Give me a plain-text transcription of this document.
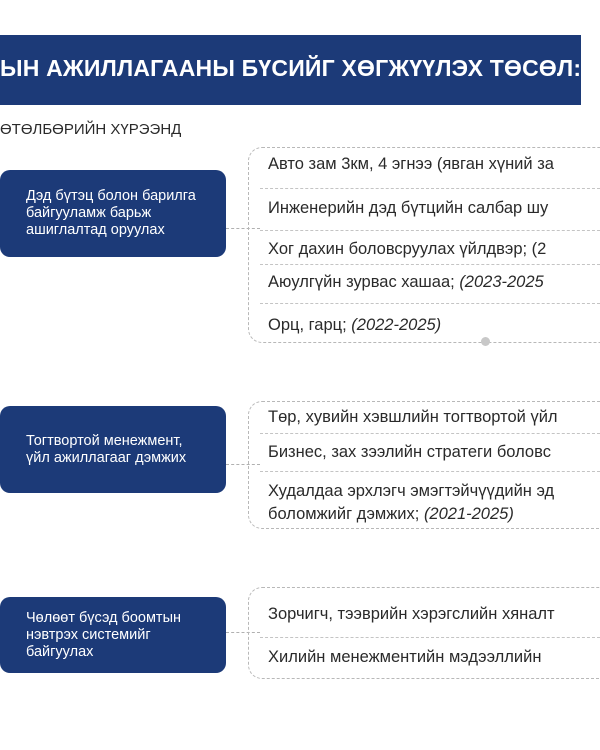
ЫН АЖИЛЛАГААНЫ БҮСИЙГ ХӨГЖҮҮЛЭХ ТӨСӨЛ:
ӨТӨЛБӨРИЙН ХҮРЭЭНД
Дэд бүтэц болон барилга байгууламж барьж ашиглалтад оруулах
Авто зам 3км, 4 эгнээ (явган хүний за
Инженерийн дэд бүтцийн салбар шу
Хог дахин боловсруулах үйлдвэр; (2
Аюулгүйн зурвас хашаа; (2023-2025
Орц, гарц; (2022-2025)
Тогтвортой менежмент, үйл ажиллагааг дэмжих
Төр, хувийн хэвшлийн тогтвортой үйл
Бизнес, зах зээлийн стратеги боловс
Худалдаа эрхлэгч эмэгтэйчүүдийн эд
боломжийг дэмжих; (2021-2025)
Чөлөөт бүсэд боомтын нэвтрэх системийг байгуулах
Зорчигч, тээврийн хэрэгслийн хяналт
Хилийн менежментийн мэдээллийн
